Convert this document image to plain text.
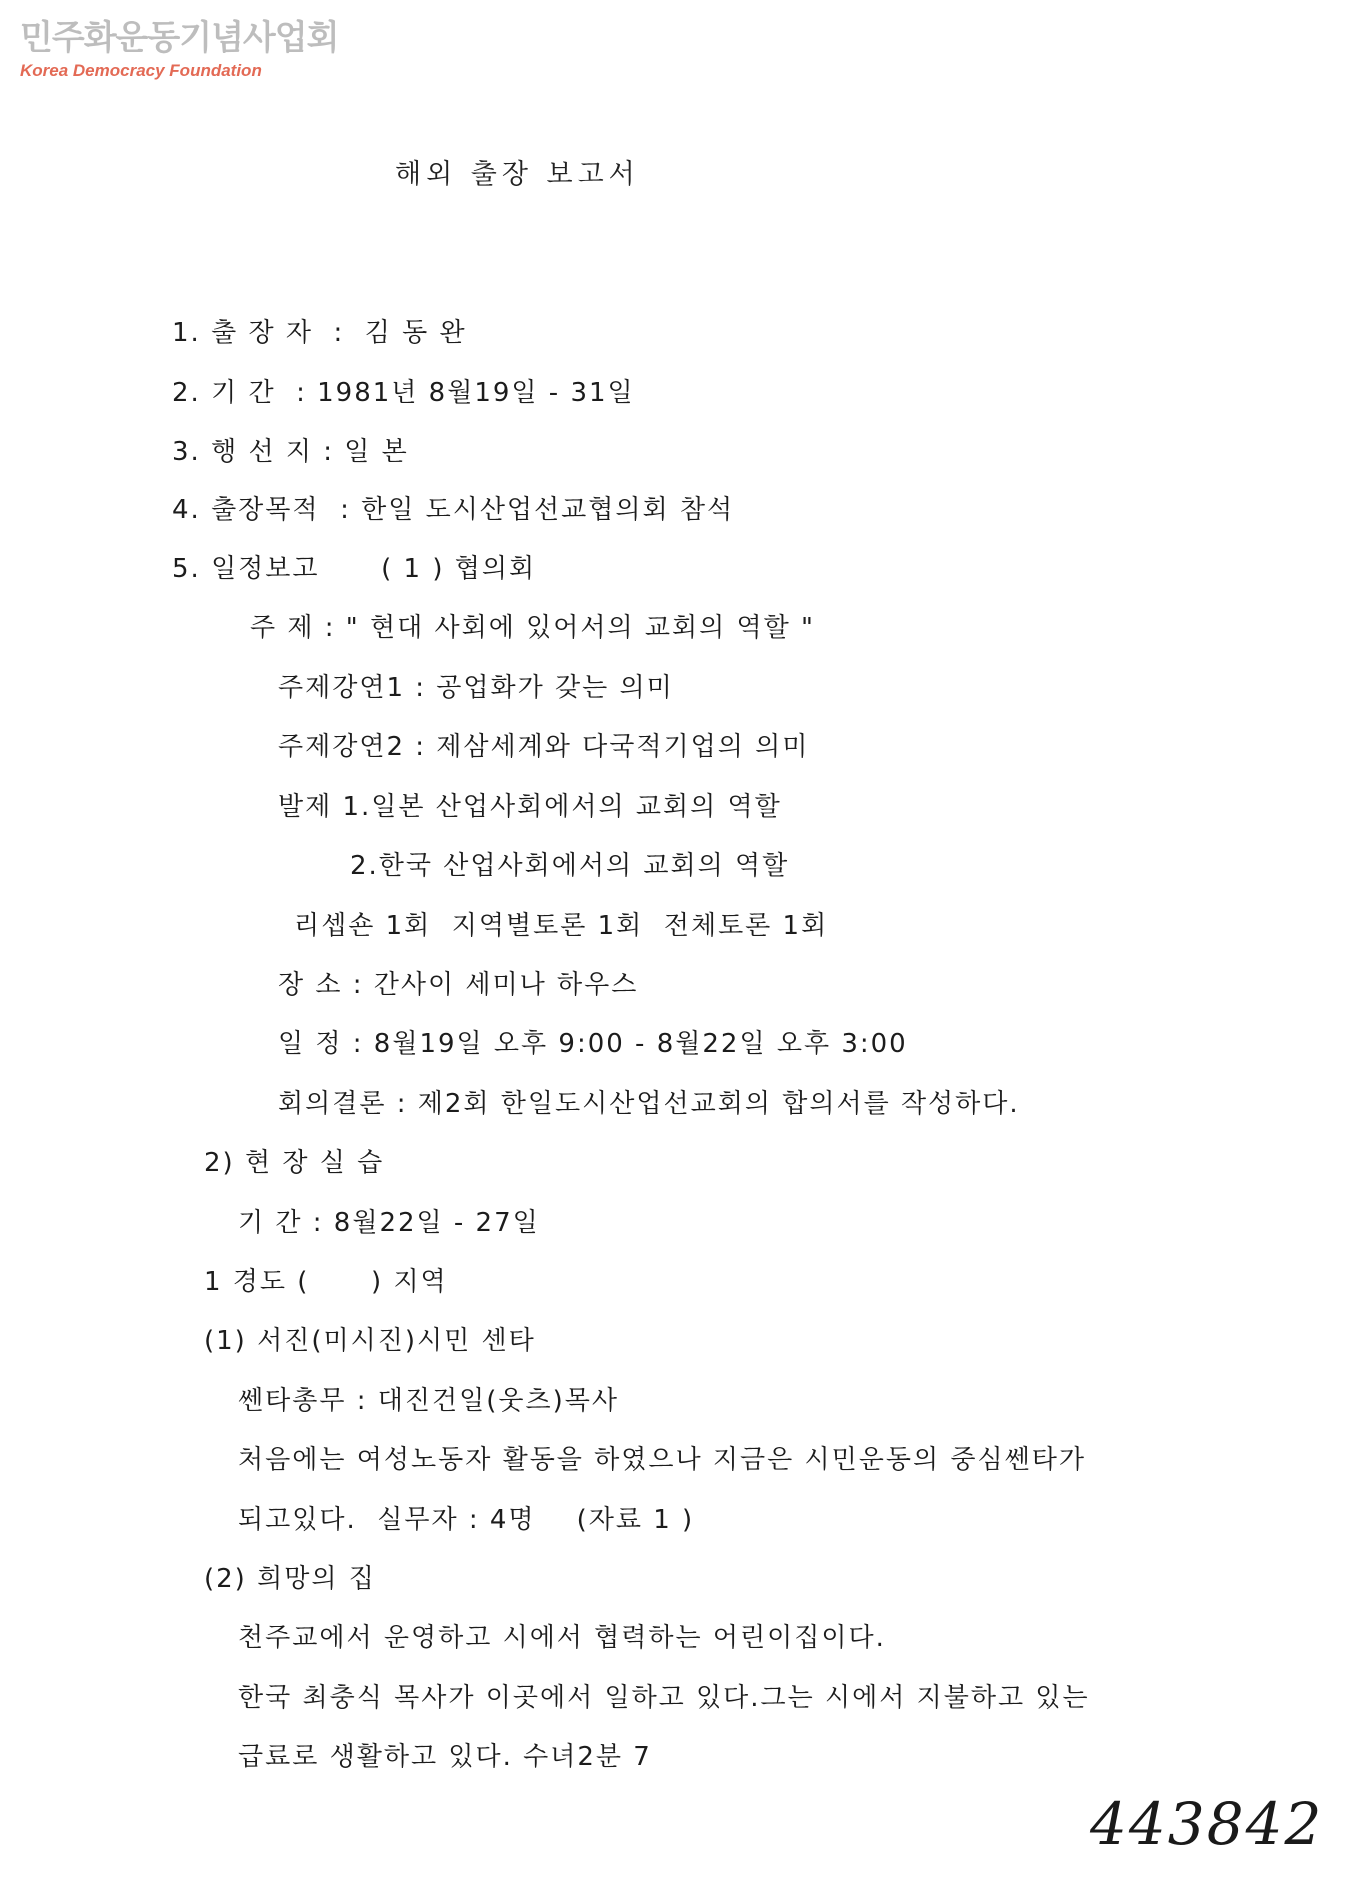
민주화운동기념사업회
Korea Democracy Foundation
해외 출장 보고서
1. 출 장 자  :  김 동 완
2. 기 간  : 1981년 8월19일 - 31일
3. 행 선 지 : 일 본
4. 출장목적  : 한일 도시산업선교협의회 참석
5. 일정보고      ( 1 ) 협의회
주 제 : " 현대 사회에 있어서의 교회의 역할 "
주제강연1 : 공업화가 갖는 의미
주제강연2 : 제삼세계와 다국적기업의 의미
발제 1.일본 산업사회에서의 교회의 역할
2.한국 산업사회에서의 교회의 역할
리셉숀 1회  지역별토론 1회  전체토론 1회
장 소 : 간사이 세미나 하우스
일 정 : 8월19일 오후 9:00 - 8월22일 오후 3:00
회의결론 : 제2회 한일도시산업선교회의 합의서를 작성하다.
2) 현 장 실 습
기 간 : 8월22일 - 27일
1 경도 (      ) 지역
(1) 서진(미시진)시민 센타
쎈타총무 : 대진건일(웃츠)목사
처음에는 여성노동자 활동을 하였으나 지금은 시민운동의 중심쎈타가
되고있다.  실무자 : 4명    (자료 1 )
(2) 희망의 집
천주교에서 운영하고 시에서 협력하는 어린이집이다.
한국 최충식 목사가 이곳에서 일하고 있다.그는 시에서 지불하고 있는
급료로 생활하고 있다. 수녀2분 7
443842
